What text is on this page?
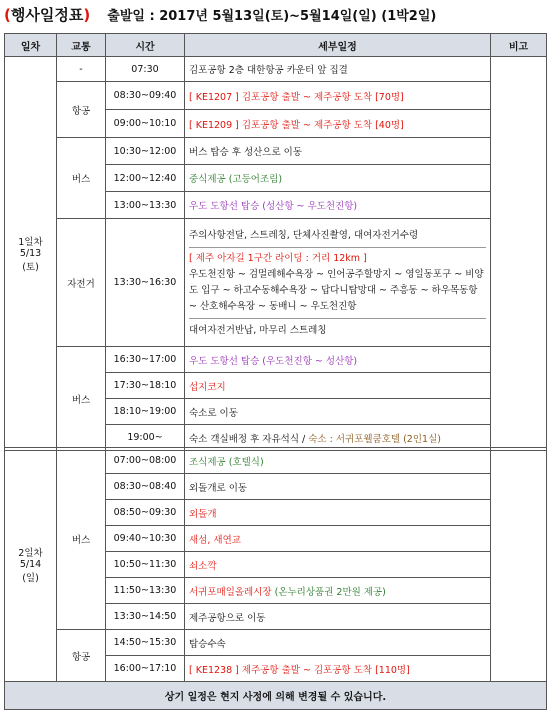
(행사일정표) 출발일 : 2017년 5월13일(토)~5월14일(일) (1박2일)
일차	교통	시간	세부일정	비고

1일차
5/13
(토)	-	07:30	김포공항 2층 대한항공 카운터 앞 집결	
	항공	08:30~09:40	[ KE1207 ] 김포공항 출발 ~ 제주공항 도착 [70명]	
		09:00~10:10	[ KE1209 ] 김포공항 출발 ~ 제주공항 도착 [40명]	
	버스	10:30~12:00	버스 탑승 후 성산으로 이동	
		12:00~12:40	중식제공 (고등어조림)	
		13:00~13:30	우도 도항선 탑승 (성산항 ~ 우도천진항)	
	자전거	13:30~16:30	주의사항전달, 스트레칭, 단체사진촬영, 대여자전거수령
[ 제주 아자길 1구간 라이딩 : 거리 12km ]
우도천진항 ~ 검멀레해수욕장 ~ 인어공주할망지 ~ 영일동포구 ~ 비양도 입구 ~ 하고수동해수욕장 ~ 답다니탑망대 ~ 주흥동 ~ 하우목동항 ~ 산호해수욕장 ~ 동배니 ~ 우도천진항
대여자전거반납, 마무리 스트레칭	

	버스	16:30~17:00	우도 도항선 탑승 (우도천진항 ~ 성산항)	
		17:30~18:10	섭지코지	
		18:10~19:00	숙소로 이동	
		19:00~	숙소 객실배정 후 자유석식 / 숙소 : 서귀포웰쿰호텔 (2인1실)	
2일차
5/14
(일)	버스	07:00~08:00	조식제공 (호텔식)	
		08:30~08:40	외돌개로 이동	
		08:50~09:30	외돌개	
		09:40~10:30	새섬, 새연교	
		10:50~11:30	쇠소깍	
		11:50~13:30	서귀포매일올레시장 (온누리상품권 2만원 제공)	
		13:30~14:50	제주공항으로 이동	
	항공	14:50~15:30	탑승수속	
		16:00~17:10	[ KE1238 ] 제주공항 출발 ~ 김포공항 도착 [110명]	
상기 일정은 현지 사정에 의해 변경될 수 있습니다.				
